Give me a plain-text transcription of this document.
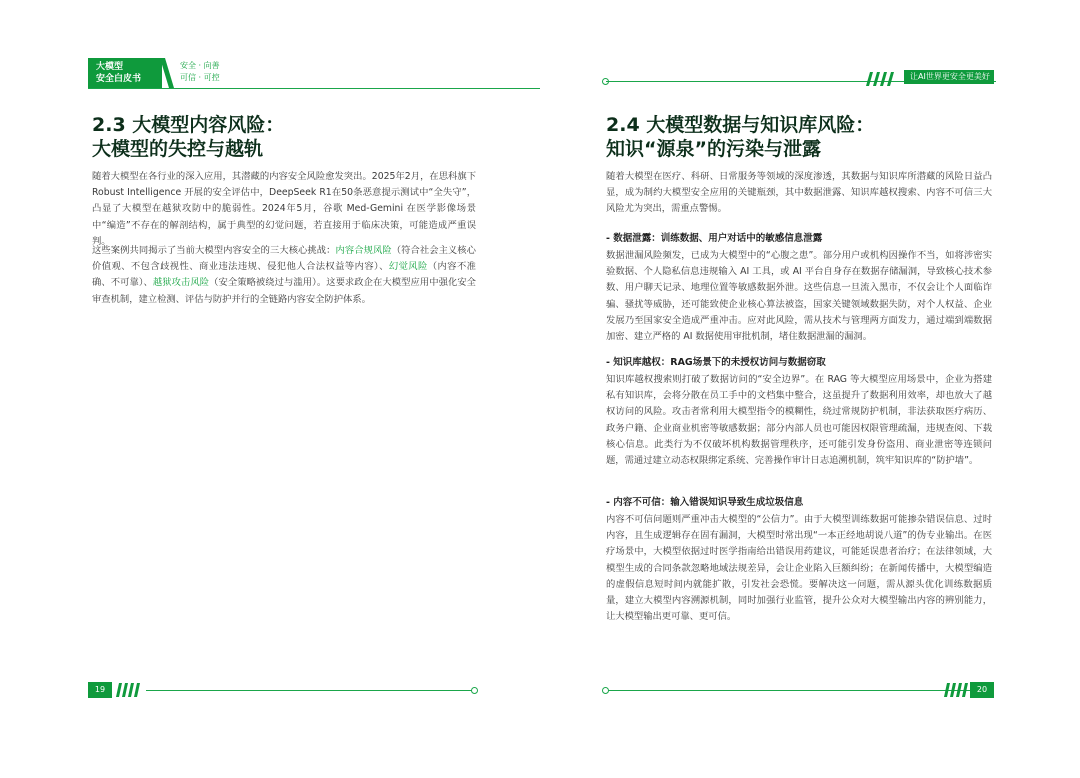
大模型
安全白皮书
安全 · 向善
可信 · 可控
2.3 大模型内容风险：
大模型的失控与越轨

随着大模型在各行业的深入应用，其潜藏的内容安全风险愈发突出。2025年2月，在思科旗下Robust Intelligence 开展的安全评估中，DeepSeek R1在50条恶意提示测试中“全失守”，凸显了大模型在越狱攻防中的脆弱性。2024年5月，谷歌 Med-Gemini 在医学影像场景中“编造”不存在的解剖结构，属于典型的幻觉问题，若直接用于临床决策，可能造成严重误判。

这些案例共同揭示了当前大模型内容安全的三大核心挑战：内容合规风险（符合社会主义核心价值观、不包含歧视性、商业违法违规、侵犯他人合法权益等内容）、幻觉风险（内容不准确、不可靠）、越狱攻击风险（安全策略被绕过与滥用）。这要求政企在大模型应用中强化安全审查机制，建立检测、评估与防护并行的全链路内容安全防护体系。

19
让AI世界更安全更美好
2.4 大模型数据与知识库风险：
知识“源泉”的污染与泄露

随着大模型在医疗、科研、日常服务等领域的深度渗透，其数据与知识库所潜藏的风险日益凸显，成为制约大模型安全应用的关键瓶颈，其中数据泄露、知识库越权搜索、内容不可信三大风险尤为突出，需重点警惕。

- 数据泄露：训练数据、用户对话中的敏感信息泄露

数据泄漏风险频发，已成为大模型中的“心腹之患”。部分用户或机构因操作不当，如将涉密实验数据、个人隐私信息违规输入 AI 工具，或 AI 平台自身存在数据存储漏洞，导致核心技术参数、用户聊天记录、地理位置等敏感数据外泄。这些信息一旦流入黑市，不仅会让个人面临诈骗、骚扰等威胁，还可能致使企业核心算法被盗，国家关键领域数据失防，对个人权益、企业发展乃至国家安全造成严重冲击。应对此风险，需从技术与管理两方面发力，通过端到端数据加密、建立严格的 AI 数据使用审批机制，堵住数据泄漏的漏洞。

- 知识库越权：RAG场景下的未授权访问与数据窃取

知识库越权搜索则打破了数据访问的“安全边界”。在 RAG 等大模型应用场景中，企业为搭建私有知识库，会将分散在员工手中的文档集中整合，这虽提升了数据利用效率，却也放大了越权访问的风险。攻击者常利用大模型指令的模糊性，绕过常规防护机制，非法获取医疗病历、政务户籍、企业商业机密等敏感数据；部分内部人员也可能因权限管理疏漏，违规查阅、下载核心信息。此类行为不仅破坏机构数据管理秩序，还可能引发身份盗用、商业泄密等连锁问题，需通过建立动态权限绑定系统、完善操作审计日志追溯机制，筑牢知识库的“防护墙”。

- 内容不可信：输入错误知识导致生成垃圾信息

内容不可信问题则严重冲击大模型的“公信力”。由于大模型训练数据可能掺杂错误信息、过时内容，且生成逻辑存在固有漏洞，大模型时常出现“一本正经地胡说八道”的伪专业输出。在医疗场景中，大模型依据过时医学指南给出错误用药建议，可能延误患者治疗；在法律领域，大模型生成的合同条款忽略地域法规差异，会让企业陷入巨额纠纷；在新闻传播中，大模型编造的虚假信息短时间内就能扩散，引发社会恐慌。要解决这一问题，需从源头优化训练数据质量，建立大模型内容溯源机制，同时加强行业监管，提升公众对大模型输出内容的辨别能力，让大模型输出更可靠、更可信。

20
